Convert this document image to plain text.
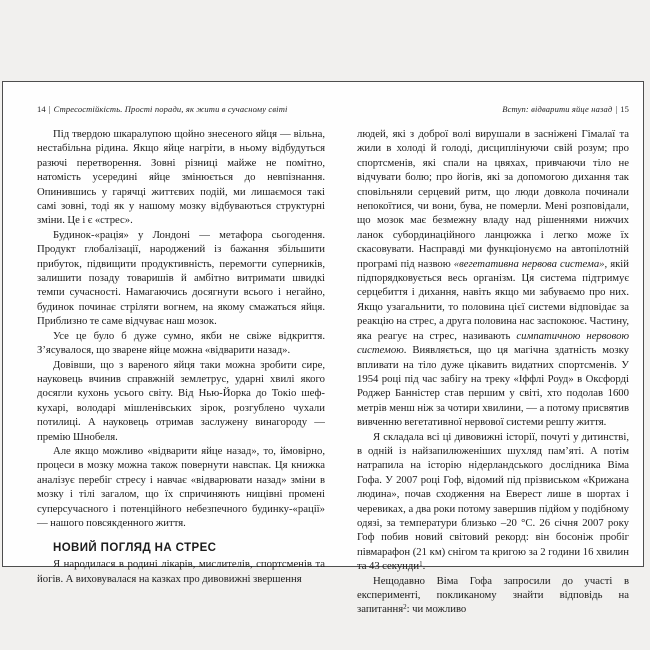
14 | Стресостійкість. Прості поради, як жити в сучасному світі

Під твердою шкаралупою щойно знесеного яйця — вільна, нестабільна рідина. Якщо яйце нагріти, в ньому відбудуться разючі перетворення. Зовні різниці майже не помітно, натомість усередині яйце змінюється до невпізнання. Опинившись у гарячці життєвих подій, ми лишаємося такі самі зовні, тоді як у нашому мозку відбуваються структурні зміни. Це і є «стрес».

Будинок-«рація» у Лондоні — метафора сьогодення. Продукт глобалізації, народжений із бажання збільшити прибуток, підвищити продуктивність, перемогти суперників, залишити позаду товаришів й амбітно витримати швидкі темпи сучасності. Намагаючись досягнути всього і негайно, будинок починає стріляти вогнем, на якому смажаться яйця. Приблизно те саме відчуває наш мозок.

Усе це було б дуже сумно, якби не свіже відкриття. З’ясувалося, що зварене яйце можна «відварити назад».

Довівши, що з вареного яйця таки можна зробити сире, науковець вчинив справжній землетрус, ударні хвилі якого досягли кухонь усього світу. Від Нью-Йорка до Токіо шеф-кухарі, володарі мішленівських зірок, розгублено чухали потилиці. А науковець отримав заслужену винагороду — премію Шнобеля.

Але якщо можливо «відварити яйце назад», то, ймовірно, процеси в мозку можна також повернути навспак. Ця книжка аналізує перебіг стресу і навчає «відварювати назад» зміни в мозку і тілі загалом, що їх спричиняють нищівні промені суперсучасного і потенційного небезпечного будинку-«рації» — нашого повсякденного життя.

НОВИЙ ПОГЛЯД НА СТРЕС

Я народилася в родині лікарів, мислителів, спортсменів та йогів. А виховувалася на казках про дивовижні звершення

Вступ: відварити яйце назад | 15

людей, які з доброї волі вирушали в засніжені Гімалаї та жили в холоді й голоді, дисциплінуючи свій розум; про спортсменів, які спали на цвяхах, привчаючи тіло не відчувати болю; про йогів, які за допомогою дихання так сповільняли серцевий ритм, що люди довкола починали непокоїтися, чи вони, бува, не померли. Мені розповідали, що мозок має безмежну владу над рішеннями нижчих ланок субординаційного ланцюжка і легко може їх скасовувати. Насправді ми функціонуємо на автопілотній програмі під назвою «вегетативна нервова система», якій підпорядковується весь організм. Ця система підтримує серцебиття і дихання, навіть якщо ми забуваємо про них. Якщо узагальнити, то половина цієї системи відповідає за реакцію на стрес, а друга половина нас заспокоює. Частину, яка реагує на стрес, називають симпатичною нервовою системою. Виявляється, що ця магічна здатність мозку впливати на тіло дуже цікавить видатних спортсменів. У 1954 році під час забігу на треку «Іффлі Роуд» в Оксфорді Роджер Банністер став першим у світі, хто подолав 1600 метрів менш ніж за чотири хвилини, — а потому присвятив вивченню вегетативної нервової системи решту життя.

Я складала всі ці дивовижні історії, почуті у дитинстві, в одній із найзапилюженіших шухляд пам’яті. А потім натрапила на історію нідерландського дослідника Віма Гофа. У 2007 році Гоф, відомий під прізвиськом «Крижана людина», почав сходження на Еверест лише в шортах і черевиках, а два роки потому завершив підйом у подібному одязі, за температури близько –20 °C. 26 січня 2007 року Гоф побив новий світовий рекорд: він босоніж пробіг півмарафон (21 км) снігом та кригою за 2 години 16 хвилин та 43 секунди$^1$.

Нещодавно Віма Гофа запросили до участі в експерименті, покликаному знайти відповідь на запитання$^2$: чи можливо
